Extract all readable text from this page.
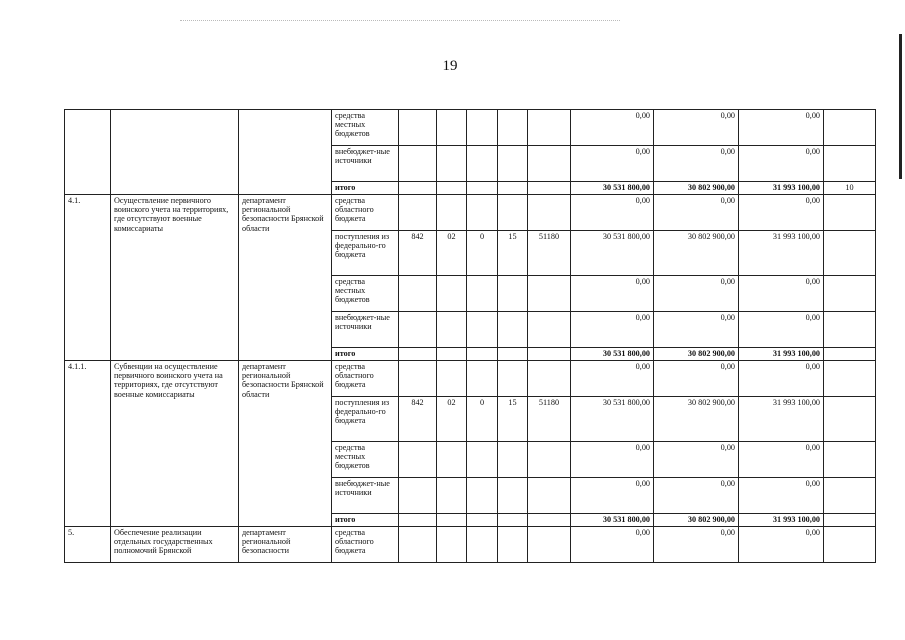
19
			средства местных бюджетов						0,00	0,00	0,00	
			внебюджет-ные источники						0,00	0,00	0,00	
			итого						30 531 800,00	30 802 900,00	31 993 100,00	10
4.1.	Осуществление первичного воинского учета на территориях, где отсутствуют военные комиссариаты	департамент региональной безопасности Брянской области	средства областного бюджета						0,00	0,00	0,00	
			поступления из федерально-го бюджета	842	02	0	15	51180	30 531 800,00	30 802 900,00	31 993 100,00	
			средства местных бюджетов						0,00	0,00	0,00	
			внебюджет-ные источники						0,00	0,00	0,00	
			итого						30 531 800,00	30 802 900,00	31 993 100,00	
4.1.1.	Субвенции на осуществление первичного воинского учета на территориях, где отсутствуют военные комиссариаты	департамент региональной безопасности Брянской области	средства областного бюджета						0,00	0,00	0,00	
			поступления из федерально-го бюджета	842	02	0	15	51180	30 531 800,00	30 802 900,00	31 993 100,00	
			средства местных бюджетов						0,00	0,00	0,00	
			внебюджет-ные источники						0,00	0,00	0,00	
			итого						30 531 800,00	30 802 900,00	31 993 100,00	
5.	Обеспечение реализации отдельных государственных полномочий Брянской	департамент региональной безопасности	средства областного бюджета						0,00	0,00	0,00	
